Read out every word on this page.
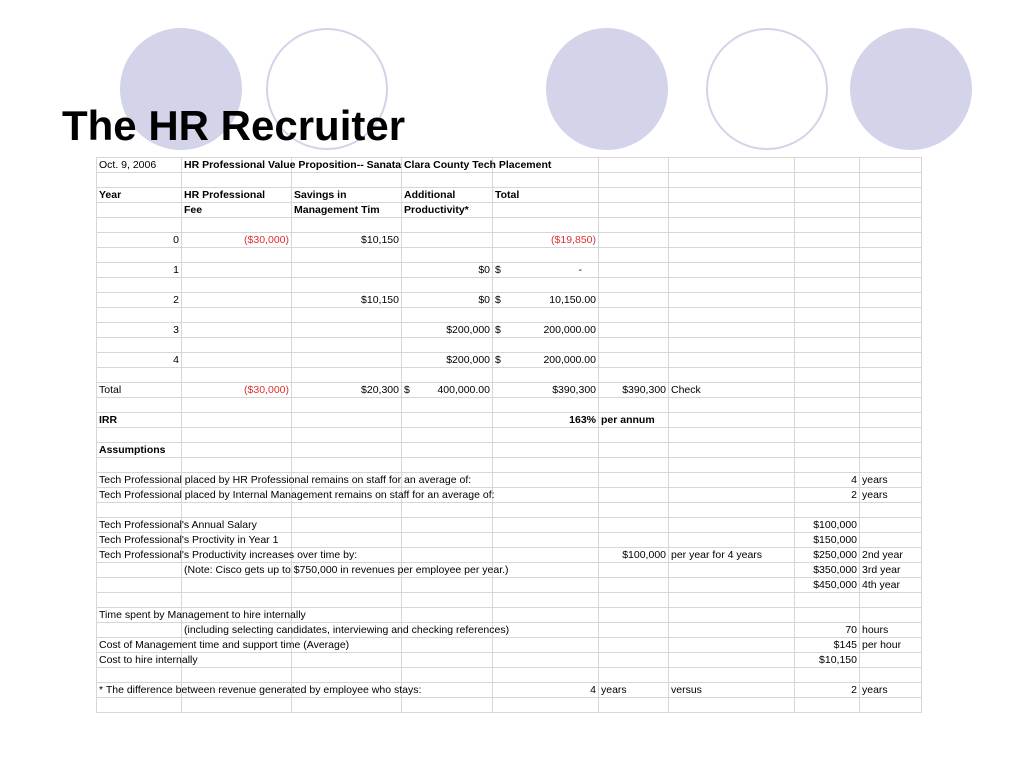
The HR Recruiter
Oct. 9, 2006	HR Professional Value Proposition-- Sanata Clara County Tech Placement							

Year	HR Professional	Savings in	Additional	Total				
	Fee	Management Tim	Productivity*					

0	($30,000)	$10,150		($19,850)				

1			$0	$ -				

2		$10,150	$0	$ 10,150.00				

3			$200,000	$ 200,000.00				

4			$200,000	$ 200,000.00				

Total	($30,000)	$20,300	$ 400,000.00	$390,300	$390,300	Check		

IRR				163%	per annum			

Assumptions								

Tech Professional placed by HR Professional remains on staff for an average of:							4	years
Tech Professional placed by Internal Management remains on staff for an average of:							2	years

Tech Professional's Annual Salary							$100,000	
Tech Professional's Proctivity in Year 1							$150,000	
Tech Professional's Productivity increases over time by:					$100,000	per year for 4 years	$250,000	2nd year
	(Note: Cisco gets up to $750,000 in revenues per employee per year.)						$350,000	3rd year
							$450,000	4th year

Time spent by Management to hire internally								
	(including selecting candidates, interviewing and checking references)						70	hours
Cost of Management time and support time (Average)							$145	per hour
Cost to hire internally							$10,150	

* The difference between revenue generated by employee who stays:				4	years	versus	2	years
